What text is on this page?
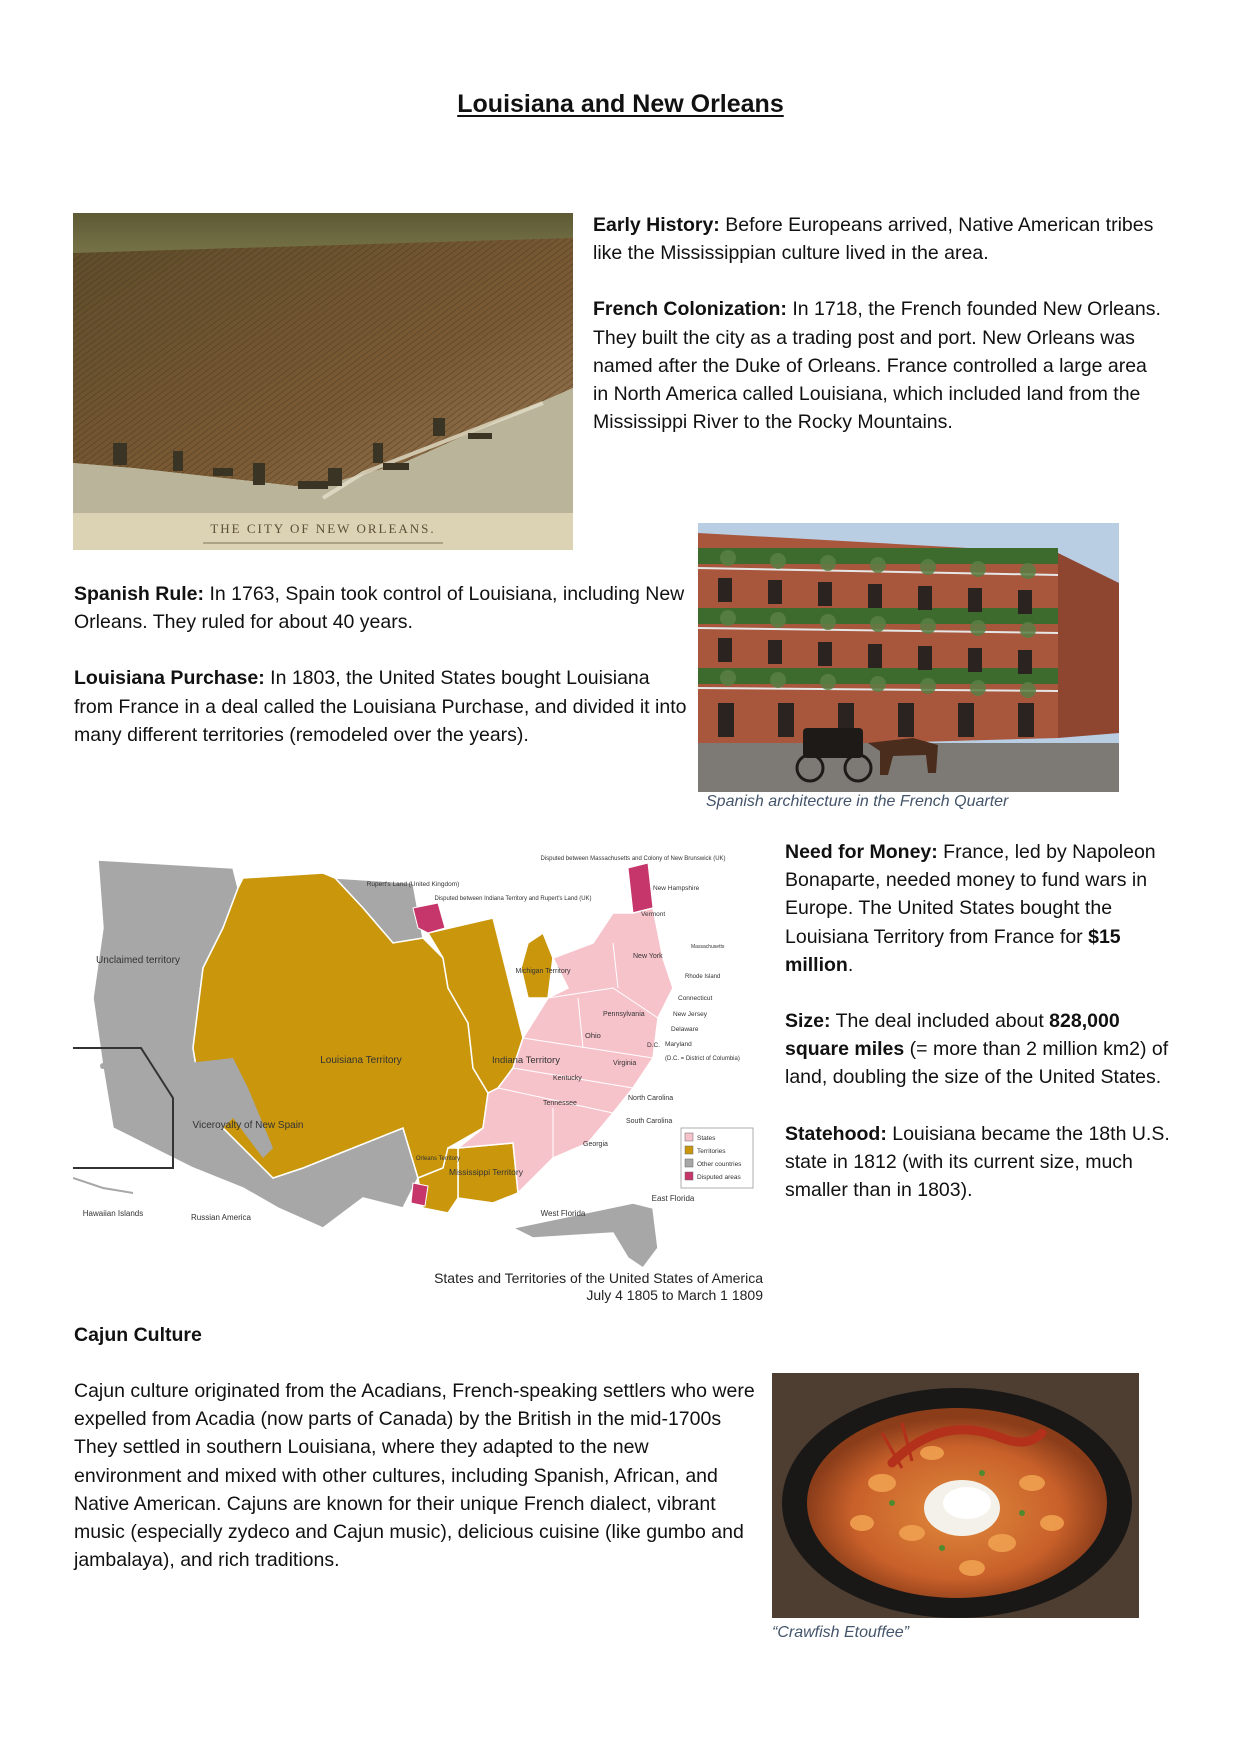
Louisiana and New Orleans
THE CITY OF NEW ORLEANS.

Early History: Before Europeans arrived, Native American tribes like the Mississippian culture lived in the area.

French Colonization: In 1718, the French founded New Orleans. They built the city as a trading post and port. New Orleans was named after the Duke of Orleans. France controlled a large area in North America called Louisiana, which included land from the Mississippi River to the Rocky Mountains.

Spanish architecture in the French Quarter

Spanish Rule: In 1763, Spain took control of Louisiana, including New Orleans. They ruled for about 40 years.

Louisiana Purchase: In 1803, the United States bought Louisiana from France in a deal called the Louisiana Purchase, and divided it into many different territories (remodeled over the years).

Unclaimed territory
Louisiana Territory	Indiana Territory
Michigan Territory
Viceroyalty of New Spain
Mississippi Territory
Orleans Territory
Hawaiian Islands	Russian America	West Florida
East Florida
Rupert's Land (United Kingdom)
Disputed between Massachusetts and Colony of New Brunswick (UK)
Disputed between Indiana Territory and Rupert's Land (UK)
Ohio
Kentucky
Tennessee
Virginia
North Carolina
South Carolina
Georgia
Pennsylvania
New York
Vermont
New Hampshire
Massachusetts
Rhode Island
Connecticut
New Jersey
Delaware
Maryland
D.C.
(D.C. = District of Columbia)
States
Territories
Other countries
Disputed areas
States and Territories of the United States of America
July 4 1805 to March 1 1809

Need for Money: France, led by Napoleon Bonaparte, needed money to fund wars in Europe. The United States bought the Louisiana Territory from France for $15 million.

Size: The deal included about 828,000 square miles (= more than 2 million km2) of land, doubling the size of the United States.

Statehood: Louisiana became the 18th U.S. state in 1812 (with its current size, much smaller than in 1803).

Cajun Culture

Cajun culture originated from the Acadians, French-speaking settlers who were expelled from Acadia (now parts of Canada) by the British in the mid-1700s They settled in southern Louisiana, where they adapted to the new environment and mixed with other cultures, including Spanish, African, and Native American. Cajuns are known for their unique French dialect, vibrant music (especially zydeco and Cajun music), delicious cuisine (like gumbo and jambalaya), and rich traditions.

“Crawfish Etouffee”
